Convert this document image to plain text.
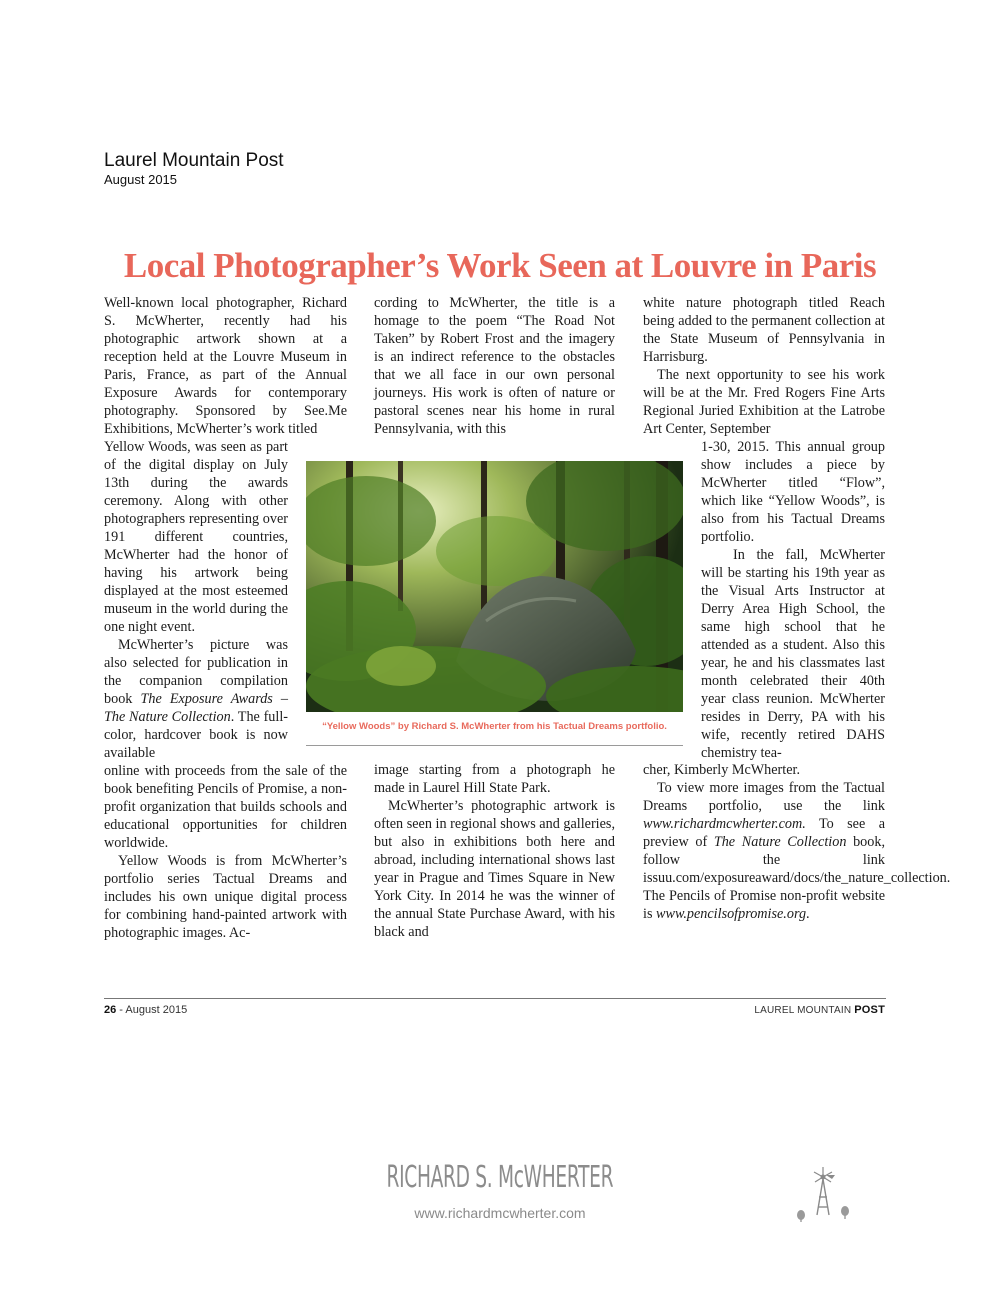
Laurel Mountain Post
August 2015
Local Photographer’s Work Seen at Louvre in Paris

Well-known local photographer, Richard S. McWherter, recently had his photographic artwork shown at a reception held at the Louvre Museum in Paris, France, as part of the Annual Exposure Awards for contemporary photography. Sponsored by See.Me Exhibitions, McWherter’s work titled

Yellow Woods, was seen as part of the digital display on July 13th during the awards ceremony. Along with other photographers representing over 191 different countries, McWherter had the honor of having his artwork being displayed at the most esteemed museum in the world during the one night event.

McWherter’s picture was also selected for publication in the companion compilation book The Exposure Awards –The Nature Collection. The full-color, hardcover book is now available

online with proceeds from the sale of the book benefiting Pencils of Promise, a non-profit organization that builds schools and educational opportunities for children worldwide.

Yellow Woods is from McWherter’s portfolio series Tactual Dreams and includes his own unique digital process for combining hand-painted artwork with photographic images. Ac-

cording to McWherter, the title is a homage to the poem “The Road Not Taken” by Robert Frost and the imagery is an indirect reference to the obstacles that we all face in our own personal journeys. His work is often of nature or pastoral scenes near his home in rural Pennsylvania, with this

image starting from a photograph he made in Laurel Hill State Park.

McWherter’s photographic artwork is often seen in regional shows and galleries, but also in exhibitions both here and abroad, including international shows last year in Prague and Times Square in New York City. In 2014 he was the winner of the annual State Purchase Award, with his black and

white nature photograph titled Reach being added to the permanent collection at the State Museum of Pennsylvania in Harrisburg.

The next opportunity to see his work will be at the Mr. Fred Rogers Fine Arts Regional Juried Exhibition at the Latrobe Art Center, September

1-30, 2015. This annual group show includes a piece by McWherter titled “Flow”, which like “Yellow Woods”, is also from his Tactual Dreams portfolio.

In the fall, McWherter will be starting his 19th year as the Visual Arts Instructor at Derry Area High School, the same high school that he attended as a student. Also this year, he and his classmates last month celebrated their 40th year class reunion. McWherter resides in Derry, PA with his wife, recently retired DAHS chemistry tea-

cher, Kimberly McWherter.

To view more images from the Tactual Dreams portfolio, use the link www.richardmcwherter.com. To see a preview of The Nature Collection book, follow the link issuu.com/exposureaward/docs/the_nature_collection. The Pencils of Promise non-profit website is www.pencilsofpromise.org.

“Yellow Woods” by Richard S. McWherter from his Tactual Dreams portfolio.
26 - August 2015	LAUREL MOUNTAIN POST
RICHARD S. McWHERTER
www.richardmcwherter.com
